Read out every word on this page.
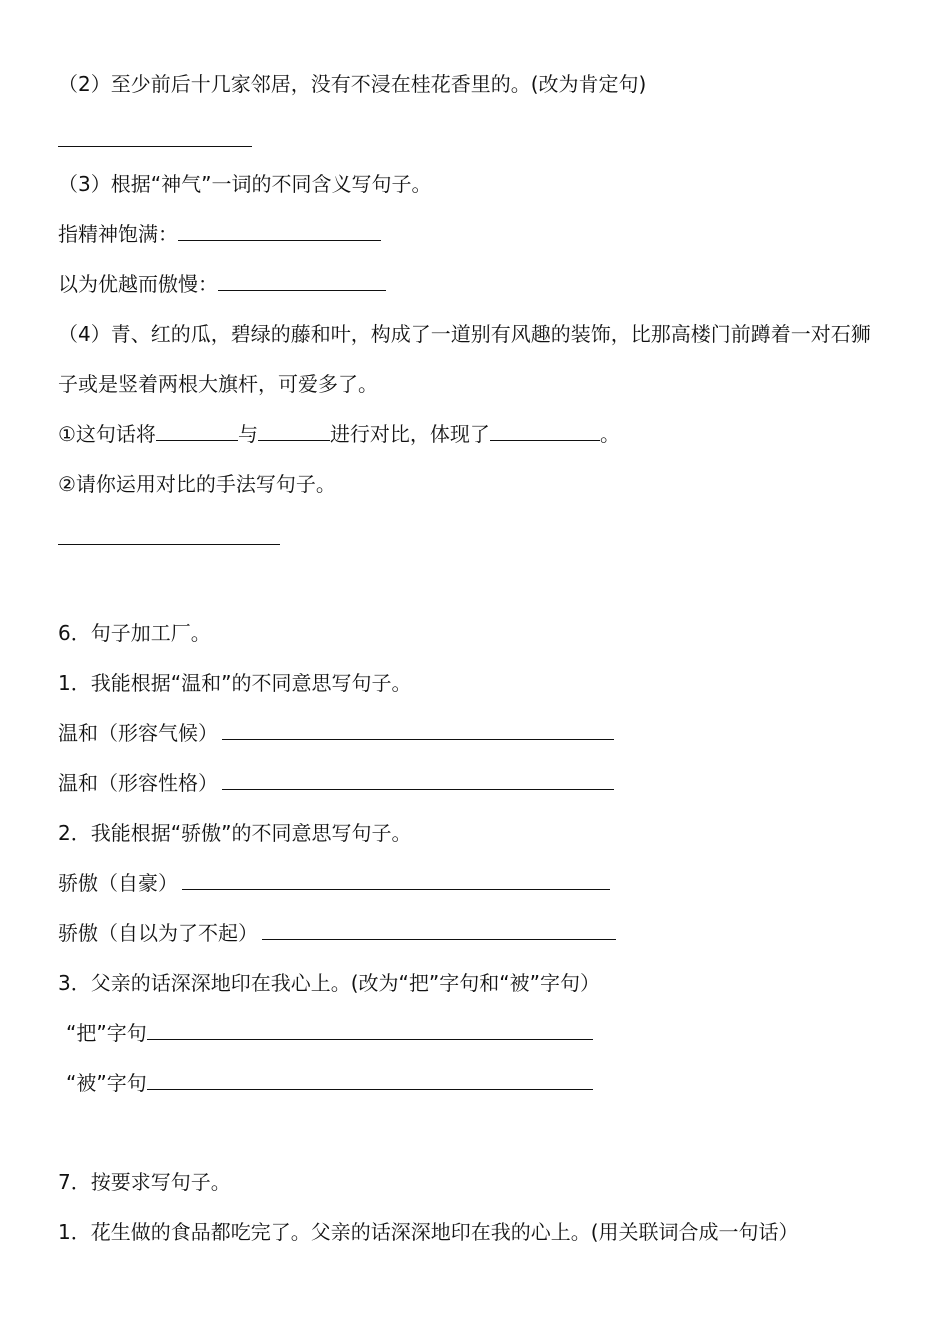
（2）至少前后十几家邻居，没有不浸在桂花香里的。(改为肯定句)
（3）根据“神气”一词的不同含义写句子。
指精神饱满：
以为优越而傲慢：
（4）青、红的瓜，碧绿的藤和叶，构成了一道别有风趣的装饰，比那高楼门前蹲着一对石狮
子或是竖着两根大旗杆，可爱多了。
①这句话将	与	进行对比，体现了	。
②请你运用对比的手法写句子。
6．句子加工厂。
1．我能根据“温和”的不同意思写句子。
温和（形容气候）
温和（形容性格）
2．我能根据“骄傲”的不同意思写句子。
骄傲（自豪）
骄傲（自以为了不起）
3．父亲的话深深地印在我心上。(改为“把”字句和“被”字句）
“把”字句
“被”字句
7．按要求写句子。
1．花生做的食品都吃完了。父亲的话深深地印在我的心上。(用关联词合成一句话）
